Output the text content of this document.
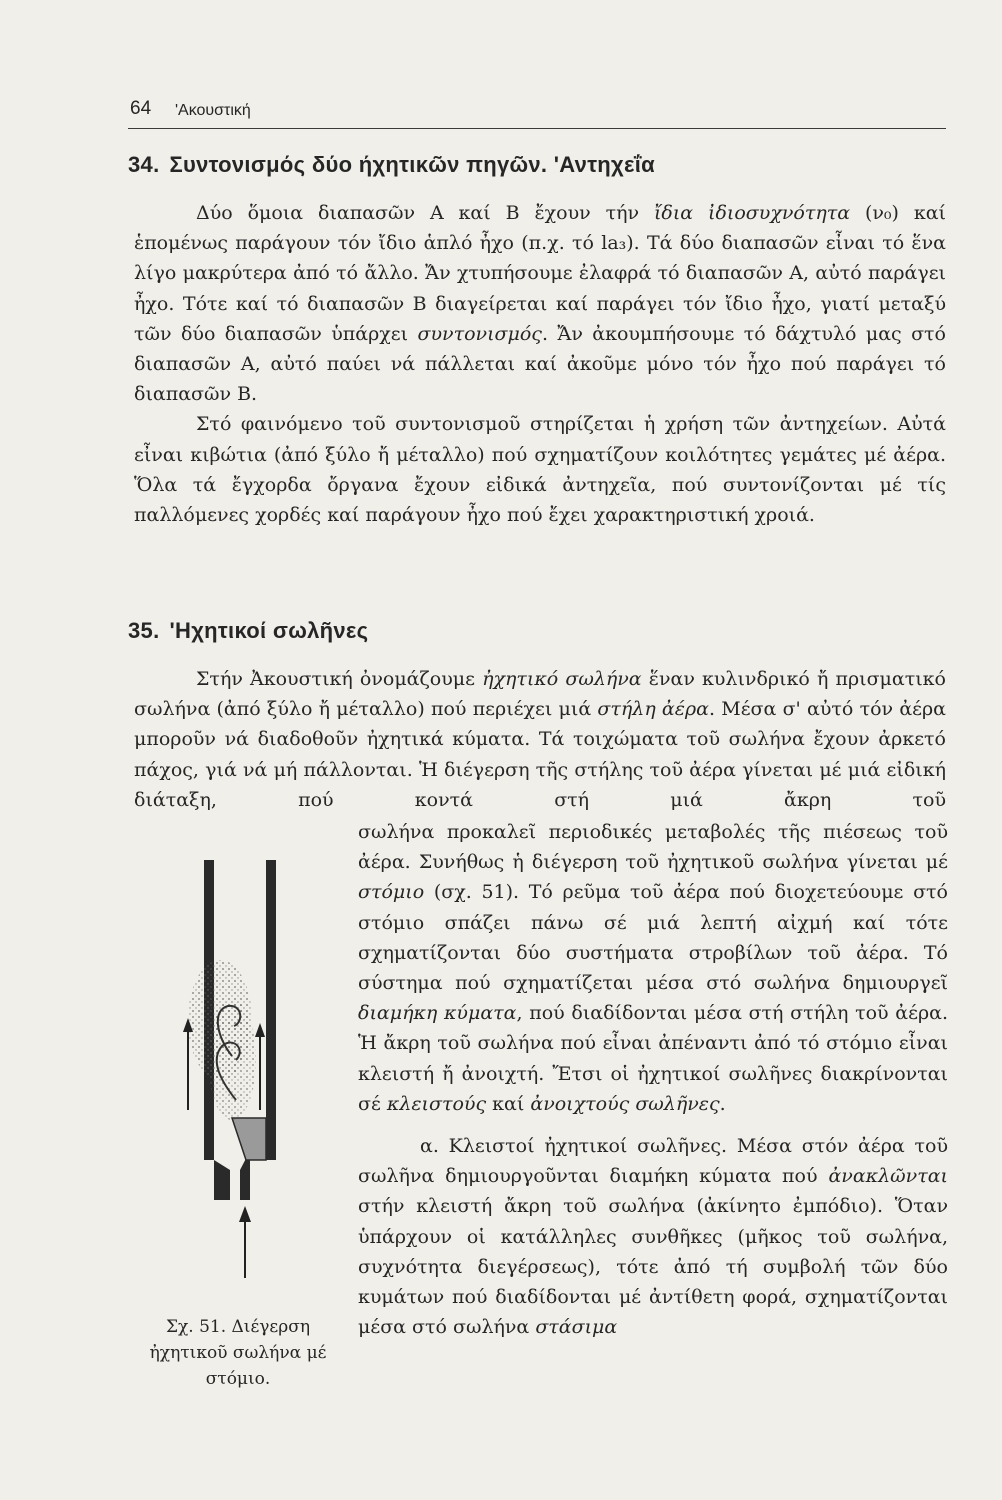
64 'Ακουστική
34. Συντονισμός δύο ήχητικῶν πηγῶν. 'Αντηχεΐα

Δύο ὅμοια διαπασῶν Α καί Β ἔχουν τήν ἴδια ἰδιοσυχνότητα (ν₀) καί ἑπομένως παράγουν τόν ἴδιο ἁπλό ἦχο (π.χ. τό la₃). Τά δύο διαπασῶν εἶναι τό ἕνα λίγο μακρύτερα ἀπό τό ἄλλο. Ἄν χτυπήσουμε ἐλαφρά τό διαπασῶν Α, αὐτό παράγει ἦχο. Τότε καί τό διαπασῶν Β διαγείρεται καί παράγει τόν ἴδιο ἦχο, γιατί μεταξύ τῶν δύο διαπασῶν ὑπάρχει συντονισμός. Ἄν ἀκουμπήσουμε τό δάχτυλό μας στό διαπασῶν Α, αὐτό παύει νά πάλλεται καί ἀκοῦμε μόνο τόν ἦχο πού παράγει τό διαπασῶν Β.

Στό φαινόμενο τοῦ συντονισμοῦ στηρίζεται ἡ χρήση τῶν ἀντηχείων. Αὐτά εἶναι κιβώτια (ἀπό ξύλο ἤ μέταλλο) πού σχηματίζουν κοιλότητες γεμάτες μέ ἀέρα. Ὅλα τά ἔγχορδα ὄργανα ἔχουν εἰδικά ἀντηχεῖα, πού συντονίζονται μέ τίς παλλόμενες χορδές καί παράγουν ἦχο πού ἔχει χαρακτηριστική χροιά.

35. 'Ηχητικοί σωλῆνες

Στήν Ἀκουστική ὀνομάζουμε ἠχητικό σωλήνα ἕναν κυλινδρικό ἤ πρισματικό σωλήνα (ἀπό ξύλο ἤ μέταλλο) πού περιέχει μιά στήλη ἀέρα. Μέσα σ' αὐτό τόν ἀέρα μποροῦν νά διαδοθοῦν ἠχητικά κύματα. Τά τοιχώματα τοῦ σωλήνα ἔχουν ἀρκετό πάχος, γιά νά μή πάλλονται. Ἡ διέγερση τῆς στήλης τοῦ ἀέρα γίνεται μέ μιά εἰδική διάταξη, πού κοντά στή μιά ἄκρη τοῦ

σωλήνα προκαλεῖ περιοδικές μεταβολές τῆς πιέσεως τοῦ ἀέρα. Συνήθως ἡ διέγερση τοῦ ἠχητικοῦ σωλήνα γίνεται μέ στόμιο (σχ. 51). Τό ρεῦμα τοῦ ἀέρα πού διοχετεύουμε στό στόμιο σπάζει πάνω σέ μιά λεπτή αἰχμή καί τότε σχηματίζονται δύο συστήματα στροβίλων τοῦ ἀέρα. Τό σύστημα πού σχηματίζεται μέσα στό σωλήνα δημιουργεῖ διαμήκη κύματα, πού διαδίδονται μέσα στή στήλη τοῦ ἀέρα. Ἡ ἄκρη τοῦ σωλήνα πού εἶναι ἀπέναντι ἀπό τό στόμιο εἶναι κλειστή ἤ ἀνοιχτή. Ἔτσι οἱ ἠχητικοί σωλῆνες διακρίνονται σέ κλειστούς καί ἀνοιχτούς σωλῆνες.

α. Κλειστοί ἠχητικοί σωλῆνες. Μέσα στόν ἀέρα τοῦ σωλῆνα δημιουργοῦνται διαμήκη κύματα πού ἀνακλῶνται στήν κλειστή ἄκρη τοῦ σωλήνα (ἀκίνητο ἐμπόδιο). Ὅταν ὑπάρχουν οἱ κατάλληλες συνθῆκες (μῆκος τοῦ σωλήνα, συχνότητα διεγέρσεως), τότε ἀπό τή συμβολή τῶν δύο κυμάτων πού διαδίδονται μέ ἀντίθετη φορά, σχηματίζονται μέσα στό σωλήνα στάσιμα

Σχ. 51. Διέγερση ἠχητικοῦ σωλήνα μέ στόμιο.
